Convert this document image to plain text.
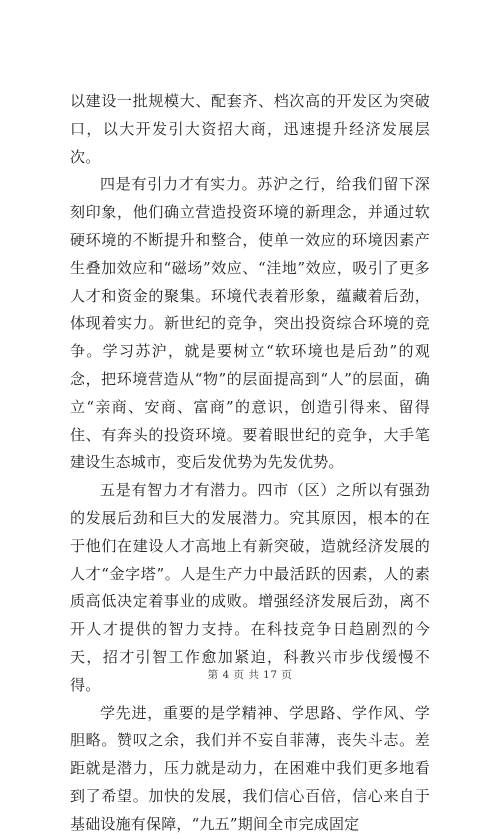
以建设一批规模大、配套齐、档次高的开发区为突破口，以大开发引大资招大商，迅速提升经济发展层次。

四是有引力才有实力。苏沪之行，给我们留下深刻印象，他们确立营造投资环境的新理念，并通过软硬环境的不断提升和整合，使单一效应的环境因素产生叠加效应和“磁场”效应、“洼地”效应，吸引了更多人才和资金的聚集。环境代表着形象，蕴藏着后劲，体现着实力。新世纪的竞争，突出投资综合环境的竞争。学习苏沪，就是要树立“软环境也是后劲”的观念，把环境营造从“物”的层面提高到“人”的层面，确立“亲商、安商、富商”的意识，创造引得来、留得住、有奔头的投资环境。要着眼世纪的竞争，大手笔建设生态城市，变后发优势为先发优势。

五是有智力才有潜力。四市（区）之所以有强劲的发展后劲和巨大的发展潜力。究其原因，根本的在于他们在建设人才高地上有新突破，造就经济发展的人才“金字塔”。人是生产力中最活跃的因素，人的素质高低决定着事业的成败。增强经济发展后劲，离不开人才提供的智力支持。在科技竞争日趋剧烈的今天，招才引智工作愈加紧迫，科教兴市步伐缓慢不得。

学先进，重要的是学精神、学思路、学作风、学胆略。赞叹之余，我们并不妄自菲薄，丧失斗志。差距就是潜力，压力就是动力，在困难中我们更多地看到了希望。加快的发展，我们信心百倍，信心来自于基础设施有保障，“九五”期间全市完成固定

第 4 页 共 17 页
